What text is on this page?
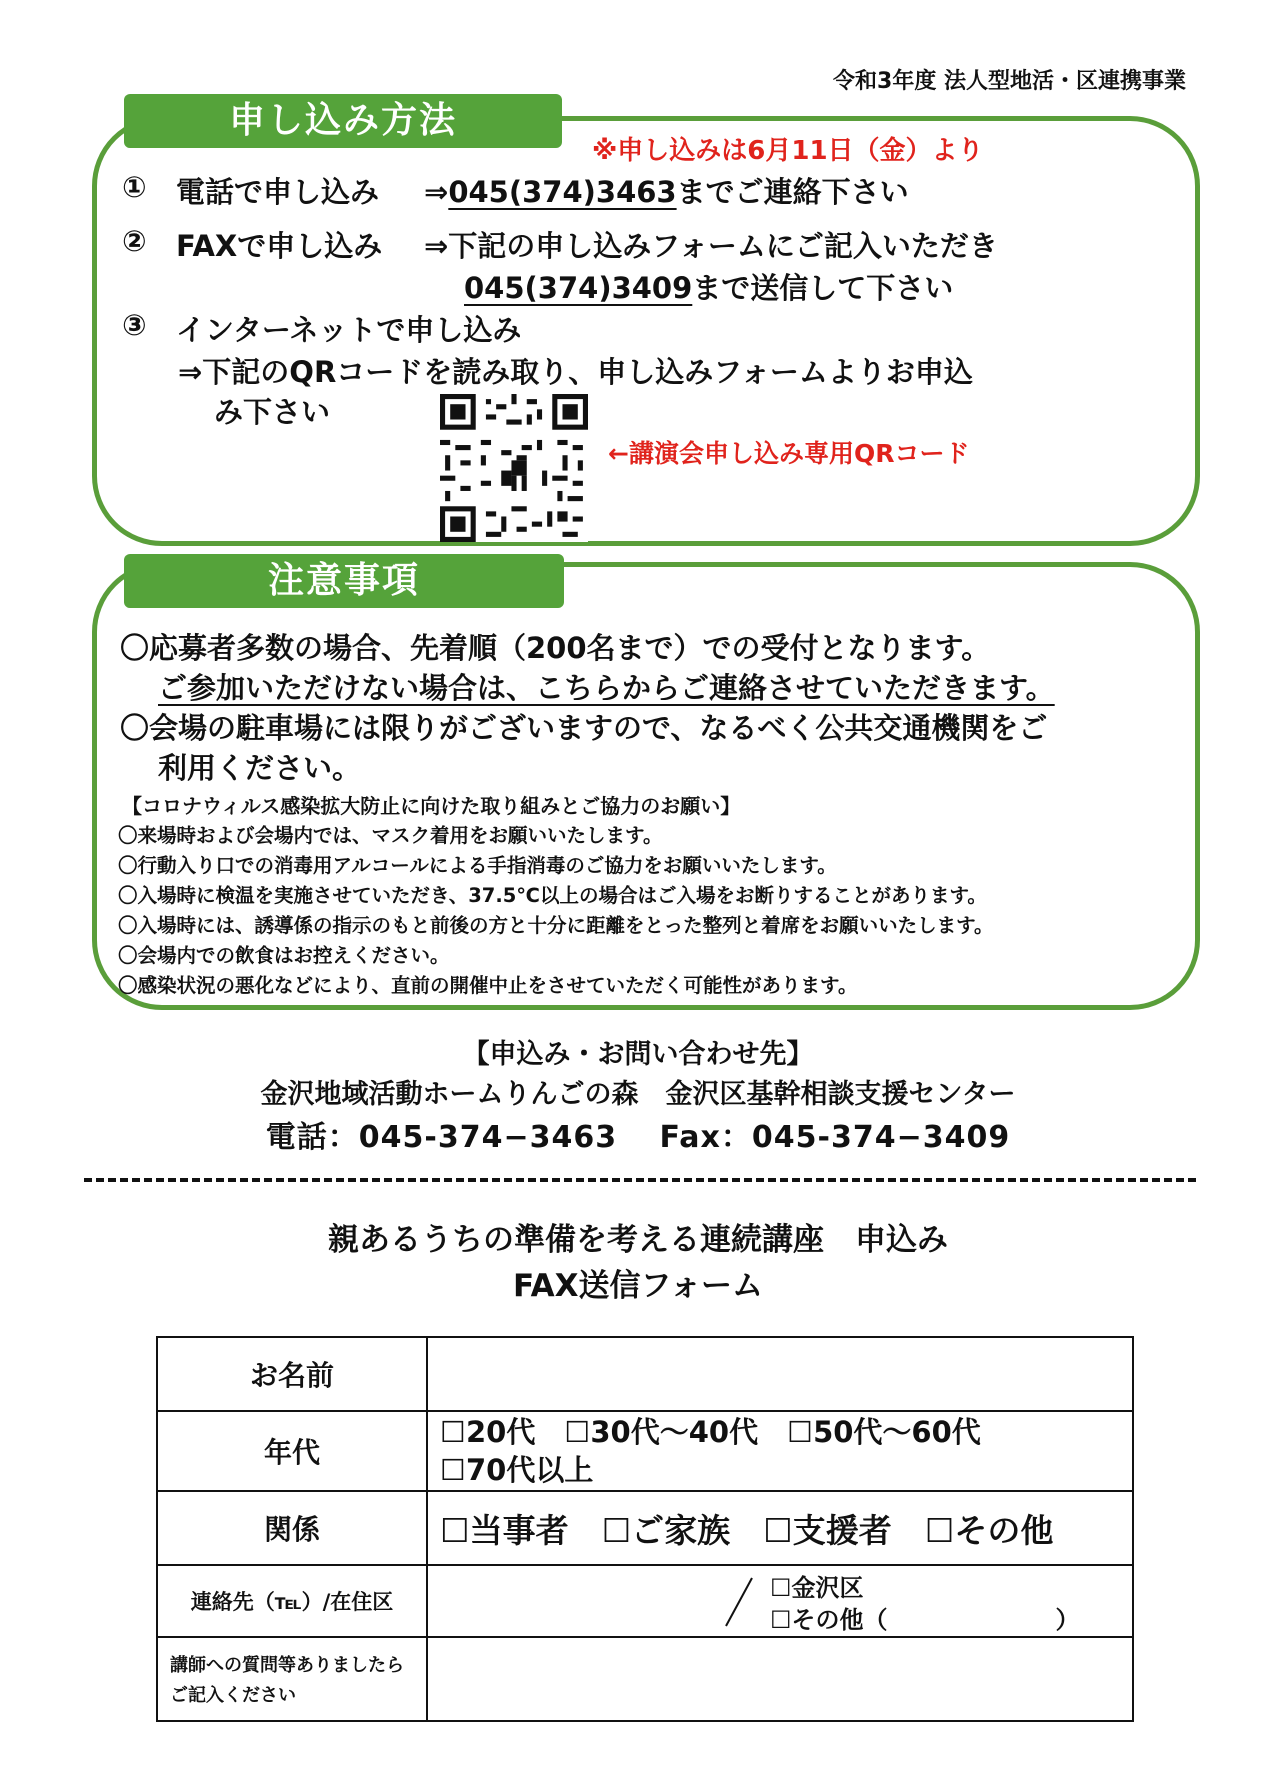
令和3年度 法人型地活・区連携事業
申し込み方法
※申し込みは6月11日（金）より
① 電話で申し込み ⇒045(374)3463までご連絡下さい
② FAXで申し込み ⇒下記の申し込みフォームにご記入いただき
045(374)3409まで送信して下さい
③ インターネットで申し込み
⇒下記のQRコードを読み取り、申し込みフォームよりお申込
み下さい
←講演会申し込み専用QRコード
注意事項
〇応募者多数の場合、先着順（200名まで）での受付となります。
ご参加いただけない場合は、こちらからご連絡させていただきます。
〇会場の駐車場には限りがございますので、なるべく公共交通機関をご
利用ください。
【コロナウィルス感染拡大防止に向けた取り組みとご協力のお願い】
〇来場時および会場内では、マスク着用をお願いいたします。
〇行動入り口での消毒用アルコールによる手指消毒のご協力をお願いいたします。
〇入場時に検温を実施させていただき、37.5℃以上の場合はご入場をお断りすることがあります。
〇入場時には、誘導係の指示のもと前後の方と十分に距離をとった整列と着席をお願いいたします。
〇会場内での飲食はお控えください。
〇感染状況の悪化などにより、直前の開催中止をさせていただく可能性があります。
【申込み・お問い合わせ先】
金沢地域活動ホームりんごの森　金沢区基幹相談支援センター
電話：045-374−3463　 Fax：045-374−3409
親あるうちの準備を考える連続講座　申込み
FAX送信フォーム
お名前	
年代	☐20代　☐30代～40代　☐50代～60代
☐70代以上

関係	☐当事者　☐ご家族　☐支援者　☐その他
連絡先（℡）/在住区	☐金沢区
☐その他（　　　　　　　）

講師への質問等ありましたらご記入ください	
